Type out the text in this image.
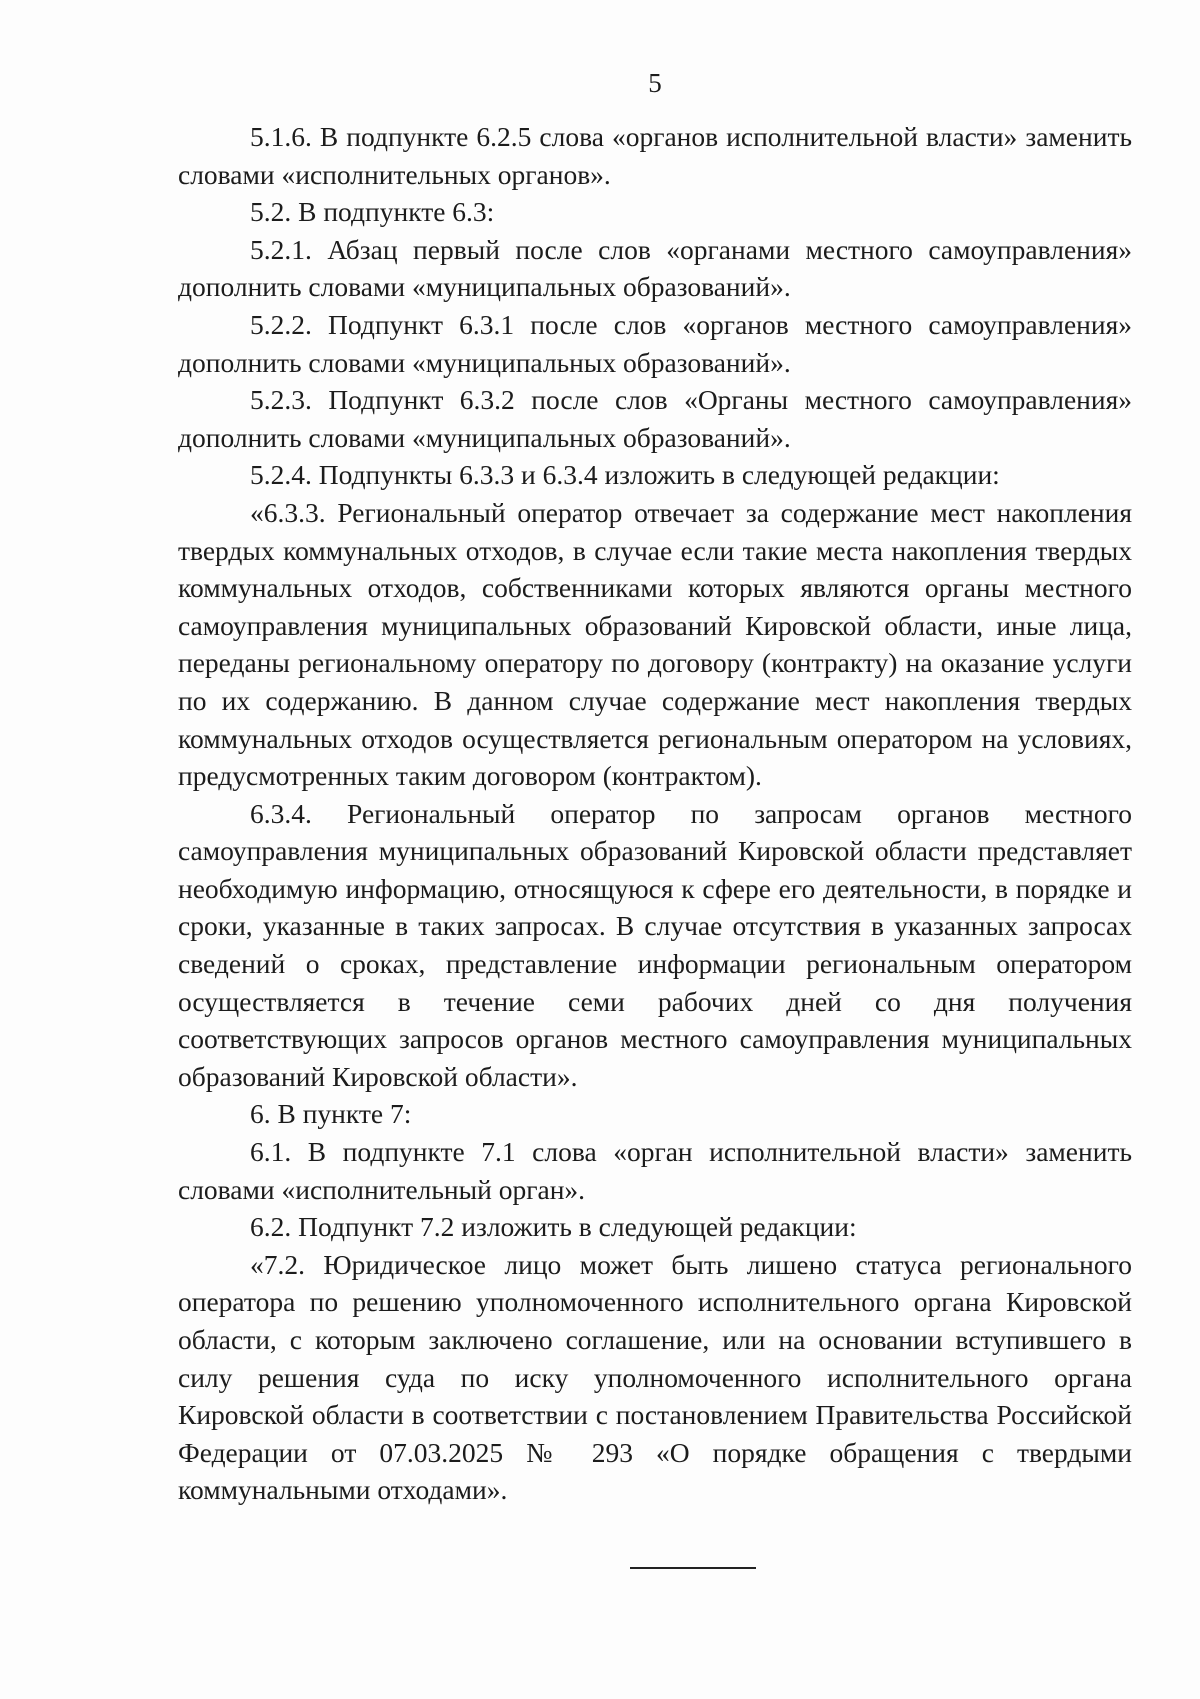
5

5.1.6. В подпункте 6.2.5 слова «органов исполнительной власти» заменить словами «исполнительных органов».

5.2. В подпункте 6.3:

5.2.1. Абзац первый после слов «органами местного самоуправления» дополнить словами «муниципальных образований».

5.2.2. Подпункт 6.3.1 после слов «органов местного самоуправления» дополнить словами «муниципальных образований».

5.2.3. Подпункт 6.3.2 после слов «Органы местного самоуправления» дополнить словами «муниципальных образований».

5.2.4. Подпункты 6.3.3 и 6.3.4 изложить в следующей редакции:

«6.3.3. Региональный оператор отвечает за содержание мест накопления твердых коммунальных отходов, в случае если такие места накопления твердых коммунальных отходов, собственниками которых являются органы местного самоуправления муниципальных образований Кировской области, иные лица, переданы региональному оператору по договору (контракту) на оказание услуги по их содержанию. В данном случае содержание мест накопления твердых коммунальных отходов осуществляется региональным оператором на условиях, предусмотренных таким договором (контрактом).

6.3.4. Региональный оператор по запросам органов местного самоуправления муниципальных образований Кировской области представляет необходимую информацию, относящуюся к сфере его деятельности, в порядке и сроки, указанные в таких запросах. В случае отсутствия в указанных запросах сведений о сроках, представление информации региональным оператором осуществляется в течение семи рабочих дней со дня получения соответствующих запросов органов местного самоуправления муниципальных образований Кировской области».

6. В пункте 7:

6.1. В подпункте 7.1 слова «орган исполнительной власти» заменить словами «исполнительный орган».

6.2. Подпункт 7.2 изложить в следующей редакции:

«7.2. Юридическое лицо может быть лишено статуса регионального оператора по решению уполномоченного исполнительного органа Кировской области, с которым заключено соглашение, или на основании вступившего в силу решения суда по иску уполномоченного исполнительного органа Кировской области в соответствии с постановлением Правительства Российской Федерации от 07.03.2025 № 293 «О порядке обращения с твердыми коммунальными отходами».
